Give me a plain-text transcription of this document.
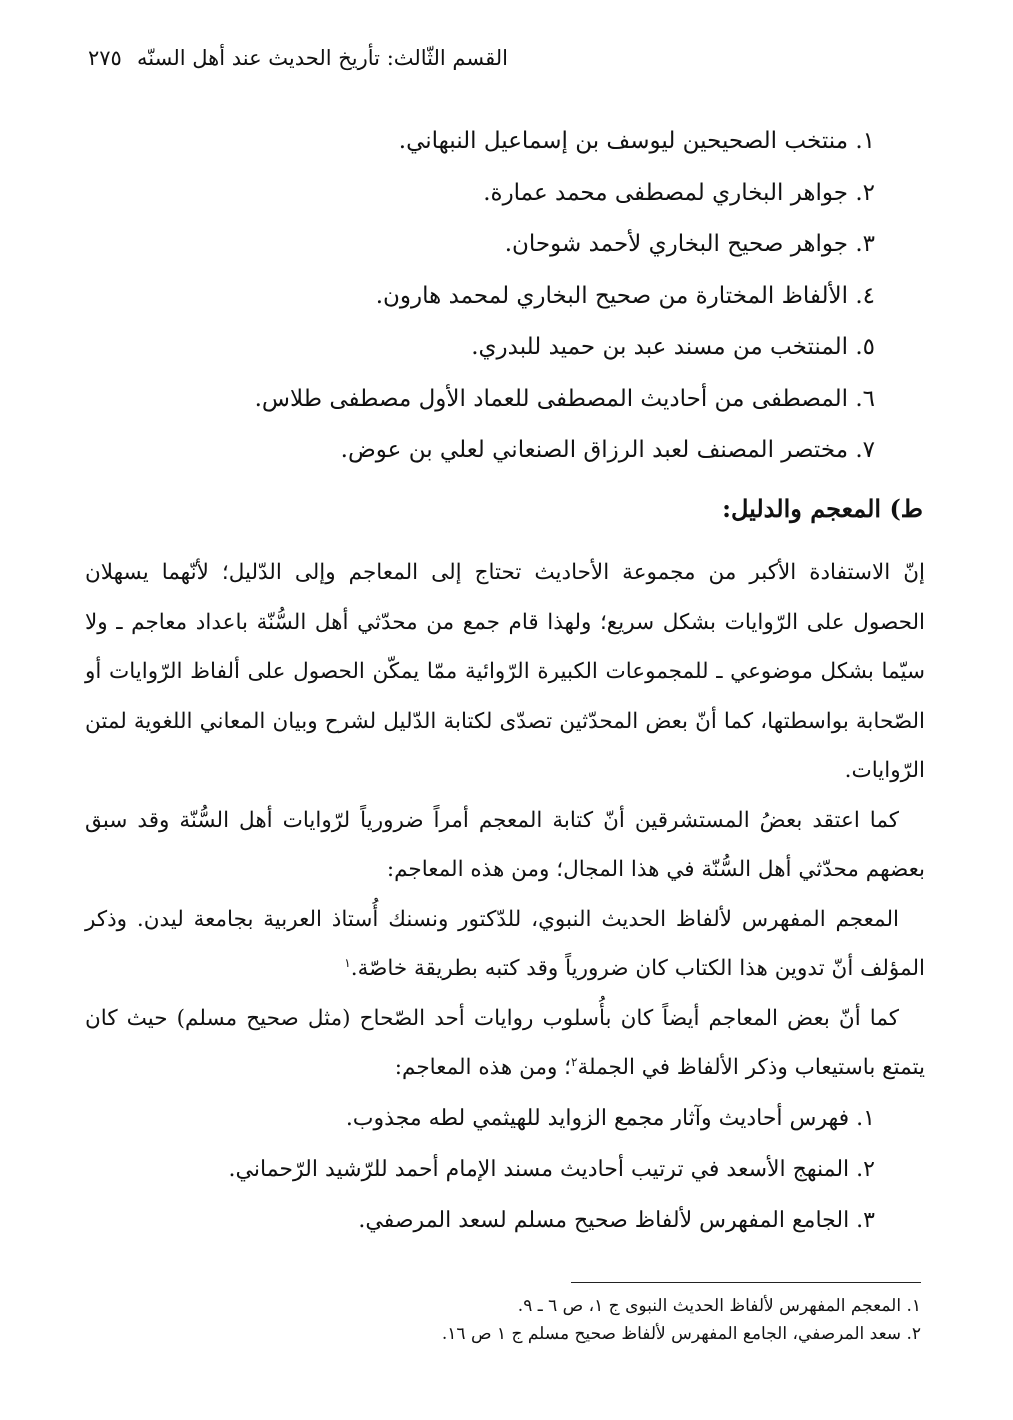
القسم الثّالث: تأريخ الحديث عند أهل السنّه
٢٧٥
١. منتخب الصحيحين ليوسف بن إسماعيل النبهاني.
٢. جواهر البخاري لمصطفى محمد عمارة.
٣. جواهر صحيح البخاري لأحمد شوحان.
٤. الألفاظ المختارة من صحيح البخاري لمحمد هارون.
٥. المنتخب من مسند عبد بن حميد للبدري.
٦. المصطفى من أحاديث المصطفى للعماد الأول مصطفى طلاس.
٧. مختصر المصنف لعبد الرزاق الصنعاني لعلي بن عوض.
ط) المعجم والدليل:

إنّ الاستفادة الأكبر من مجموعة الأحاديث تحتاج إلى المعاجم وإلى الدّليل؛ لأنّهما يسهلان الحصول على الرّوايات بشكل سريع؛ ولهذا قام جمع من محدّثي أهل السُّنّة باعداد معاجم ـ ولا سيّما بشكل موضوعي ـ للمجموعات الكبيرة الرّوائية ممّا يمكّن الحصول على ألفاظ الرّوايات أو الصّحابة بواسطتها، كما أنّ بعض المحدّثين تصدّى لكتابة الدّليل لشرح وبيان المعاني اللغوية لمتن الرّوايات.

كما اعتقد بعضُ المستشرقين أنّ كتابة المعجم أمراً ضرورياً لرّوايات أهل السُّنّة وقد سبق بعضهم محدّثي أهل السُّنّة في هذا المجال؛ ومن هذه المعاجم:

المعجم المفهرس لألفاظ الحديث النبوي، للدّكتور ونسنك أُستاذ العربية بجامعة ليدن. وذكر المؤلف أنّ تدوين هذا الكتاب كان ضرورياً وقد كتبه بطريقة خاصّة.$^١$

كما أنّ بعض المعاجم أيضاً كان بأُسلوب روايات أحد الصّحاح (مثل صحيح مسلم) حيث كان يتمتع باستيعاب وذكر الألفاظ في الجملة$^٢$؛ ومن هذه المعاجم:

١. فهرس أحاديث وآثار مجمع الزوايد للهيثمي لطه مجذوب.
٢. المنهج الأسعد في ترتيب أحاديث مسند الإمام أحمد للرّشيد الرّحماني.
٣. الجامع المفهرس لألفاظ صحيح مسلم لسعد المرصفي.
١. المعجم المفهرس لألفاظ الحديث النبوى ج ١، ص ٦ ـ ٩.
٢. سعد المرصفي، الجامع المفهرس لألفاظ صحيح مسلم ج ١ ص ١٦.
